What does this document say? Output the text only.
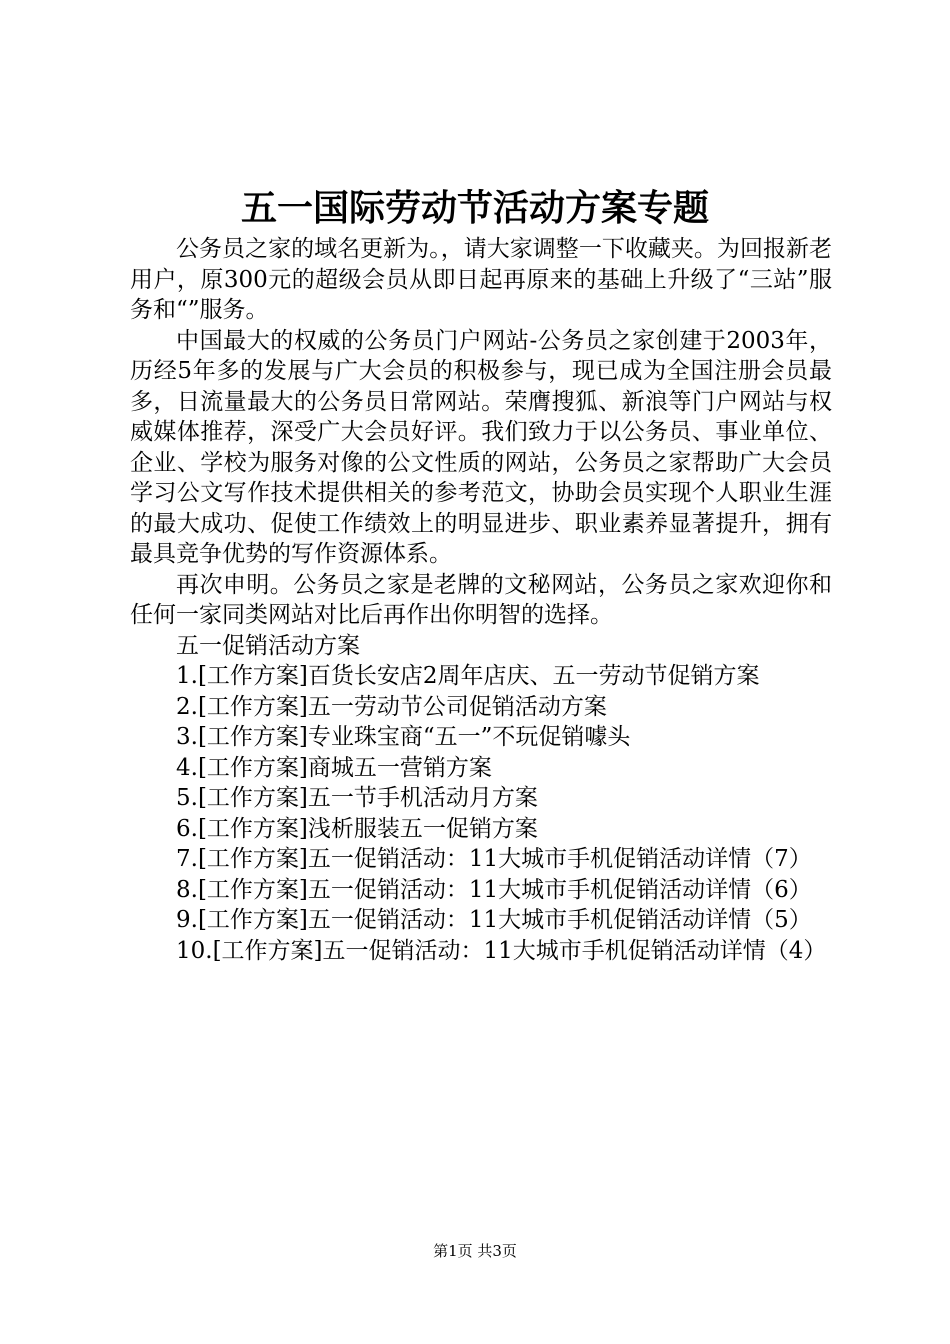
五一国际劳动节活动方案专题

公务员之家的域名更新为。，请大家调整一下收藏夹。为回报新老用户，原300元的超级会员从即日起再原来的基础上升级了“三站”服务和“”服务。

中国最大的权威的公务员门户网站-公务员之家创建于2003年，历经5年多的发展与广大会员的积极参与，现已成为全国注册会员最多，日流量最大的公务员日常网站。荣膺搜狐、新浪等门户网站与权威媒体推荐，深受广大会员好评。我们致力于以公务员、事业单位、企业、学校为服务对像的公文性质的网站，公务员之家帮助广大会员学习公文写作技术提供相关的参考范文，协助会员实现个人职业生涯的最大成功、促使工作绩效上的明显进步、职业素养显著提升，拥有最具竞争优势的写作资源体系。

再次申明。公务员之家是老牌的文秘网站，公务员之家欢迎你和任何一家同类网站对比后再作出你明智的选择。

五一促销活动方案

1.[工作方案]百货长安店2周年店庆、五一劳动节促销方案
2.[工作方案]五一劳动节公司促销活动方案
3.[工作方案]专业珠宝商“五一”不玩促销噱头
4.[工作方案]商城五一营销方案
5.[工作方案]五一节手机活动月方案
6.[工作方案]浅析服装五一促销方案
7.[工作方案]五一促销活动：11大城市手机促销活动详情（7）
8.[工作方案]五一促销活动：11大城市手机促销活动详情（6）
9.[工作方案]五一促销活动：11大城市手机促销活动详情（5）
10.[工作方案]五一促销活动：11大城市手机促销活动详情（4）
第1页 共3页
